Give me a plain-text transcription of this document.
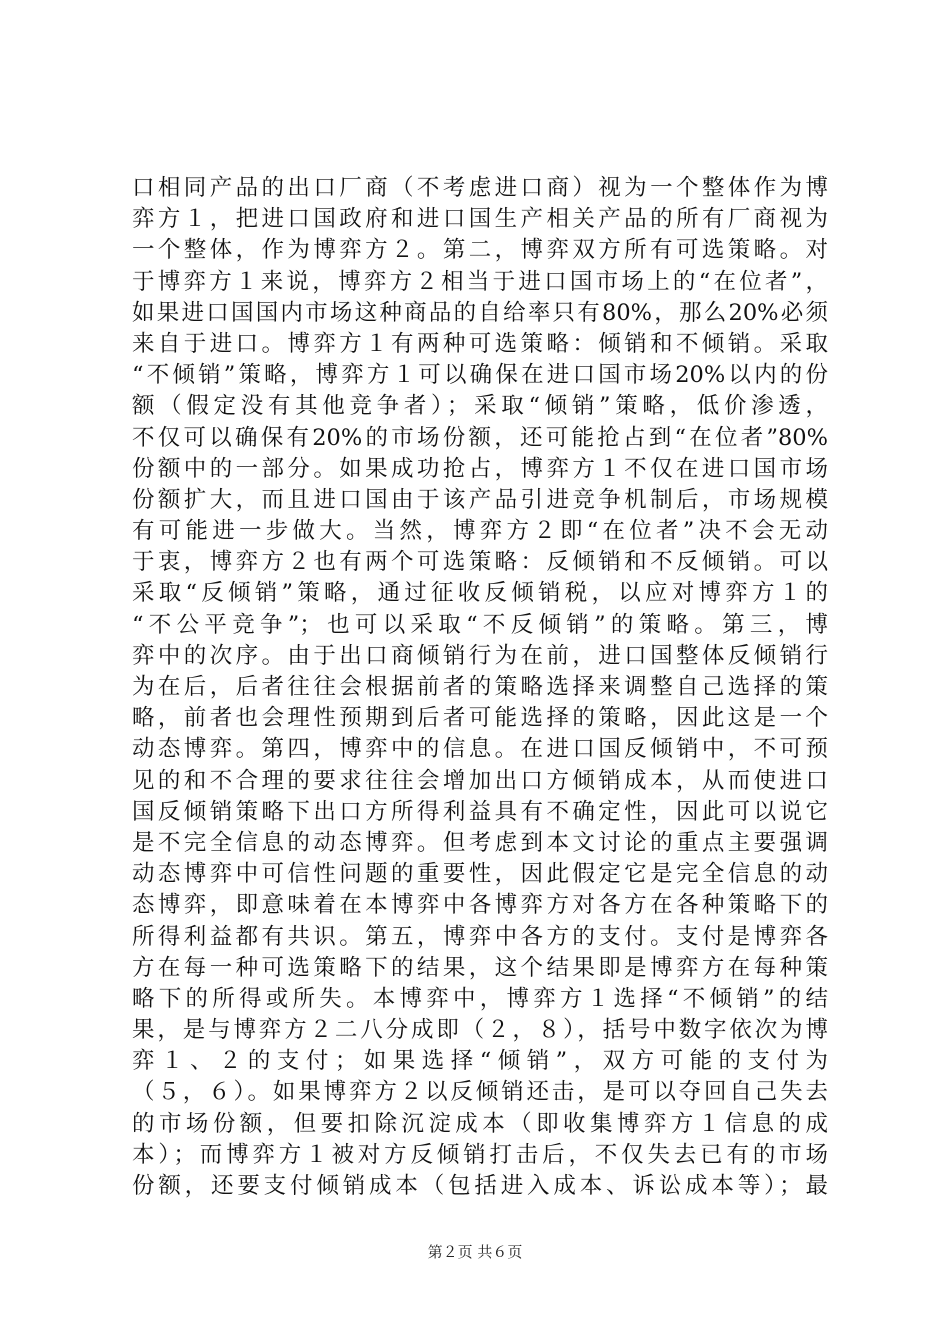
口相同产品的出口厂商（不考虑进口商）视为一个整体作为博
弈方１，把进口国政府和进口国生产相关产品的所有厂商视为
一个整体，作为博弈方２。第二，博弈双方所有可选策略。对
于博弈方１来说，博弈方２相当于进口国市场上的“在位者”，
如果进口国国内市场这种商品的自给率只有80%，那么20%必须
来自于进口。博弈方１有两种可选策略：倾销和不倾销。采取
“不倾销”策略，博弈方１可以确保在进口国市场20%以内的份
额（假定没有其他竞争者）；采取“倾销”策略，低价渗透，
不仅可以确保有20%的市场份额，还可能抢占到“在位者”80%
份额中的一部分。如果成功抢占，博弈方１不仅在进口国市场
份额扩大，而且进口国由于该产品引进竞争机制后，市场规模
有可能进一步做大。当然，博弈方２即“在位者”决不会无动
于衷，博弈方２也有两个可选策略：反倾销和不反倾销。可以
采取“反倾销”策略，通过征收反倾销税，以应对博弈方１的
“不公平竞争”；也可以采取“不反倾销”的策略。第三，博
弈中的次序。由于出口商倾销行为在前，进口国整体反倾销行
为在后，后者往往会根据前者的策略选择来调整自己选择的策
略，前者也会理性预期到后者可能选择的策略，因此这是一个
动态博弈。第四，博弈中的信息。在进口国反倾销中，不可预
见的和不合理的要求往往会增加出口方倾销成本，从而使进口
国反倾销策略下出口方所得利益具有不确定性，因此可以说它
是不完全信息的动态博弈。但考虑到本文讨论的重点主要强调
动态博弈中可信性问题的重要性，因此假定它是完全信息的动
态博弈，即意味着在本博弈中各博弈方对各方在各种策略下的
所得利益都有共识。第五，博弈中各方的支付。支付是博弈各
方在每一种可选策略下的结果，这个结果即是博弈方在每种策
略下的所得或所失。本博弈中，博弈方１选择“不倾销”的结
果，是与博弈方２二八分成即（２，８），括号中数字依次为博
弈１、２的支付；如果选择“倾销”，双方可能的支付为
（５，６）。如果博弈方２以反倾销还击，是可以夺回自己失去
的市场份额，但要扣除沉淀成本（即收集博弈方１信息的成
本）；而博弈方１被对方反倾销打击后，不仅失去已有的市场
份额，还要支付倾销成本（包括进入成本、诉讼成本等）；最
第２页 共６页
